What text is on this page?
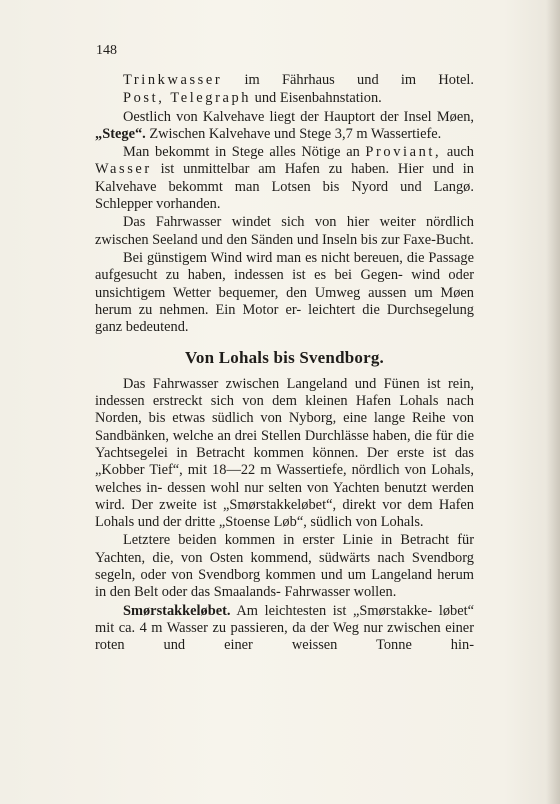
148

Trinkwasser im Fährhaus und im Hotel.

Post, Telegraph und Eisenbahnstation.

Oestlich von Kalvehave liegt der Hauptort der Insel Møen, „Stege“. Zwischen Kalvehave und Stege 3,7 m Wassertiefe.

Man bekommt in Stege alles Nötige an Proviant, auch Wasser ist unmittelbar am Hafen zu haben. Hier und in Kalvehave bekommt man Lotsen bis Nyord und Langø. Schlepper vorhanden.

Das Fahrwasser windet sich von hier weiter nördlich zwischen Seeland und den Sänden und Inseln bis zur Faxe-Bucht.

Bei günstigem Wind wird man es nicht bereuen, die Passage aufgesucht zu haben, indessen ist es bei Gegen- wind oder unsichtigem Wetter bequemer, den Umweg aussen um Møen herum zu nehmen. Ein Motor er- leichtert die Durchsegelung ganz bedeutend.

Von Lohals bis Svendborg.

Das Fahrwasser zwischen Langeland und Fünen ist rein, indessen erstreckt sich von dem kleinen Hafen Lohals nach Norden, bis etwas südlich von Nyborg, eine lange Reihe von Sandbänken, welche an drei Stellen Durchlässe haben, die für die Yachtsegelei in Betracht kommen können. Der erste ist das „Kobber Tief“, mit 18—22 m Wassertiefe, nördlich von Lohals, welches in- dessen wohl nur selten von Yachten benutzt werden wird. Der zweite ist „Smørstakkeløbet“, direkt vor dem Hafen Lohals und der dritte „Stoense Løb“, südlich von Lohals.

Letztere beiden kommen in erster Linie in Betracht für Yachten, die, von Osten kommend, südwärts nach Svendborg segeln, oder von Svendborg kommen und um Langeland herum in den Belt oder das Smaalands- Fahrwasser wollen.

Smørstakkeløbet. Am leichtesten ist „Smørstakke- løbet“ mit ca. 4 m Wasser zu passieren, da der Weg nur zwischen einer roten und einer weissen Tonne hin-
